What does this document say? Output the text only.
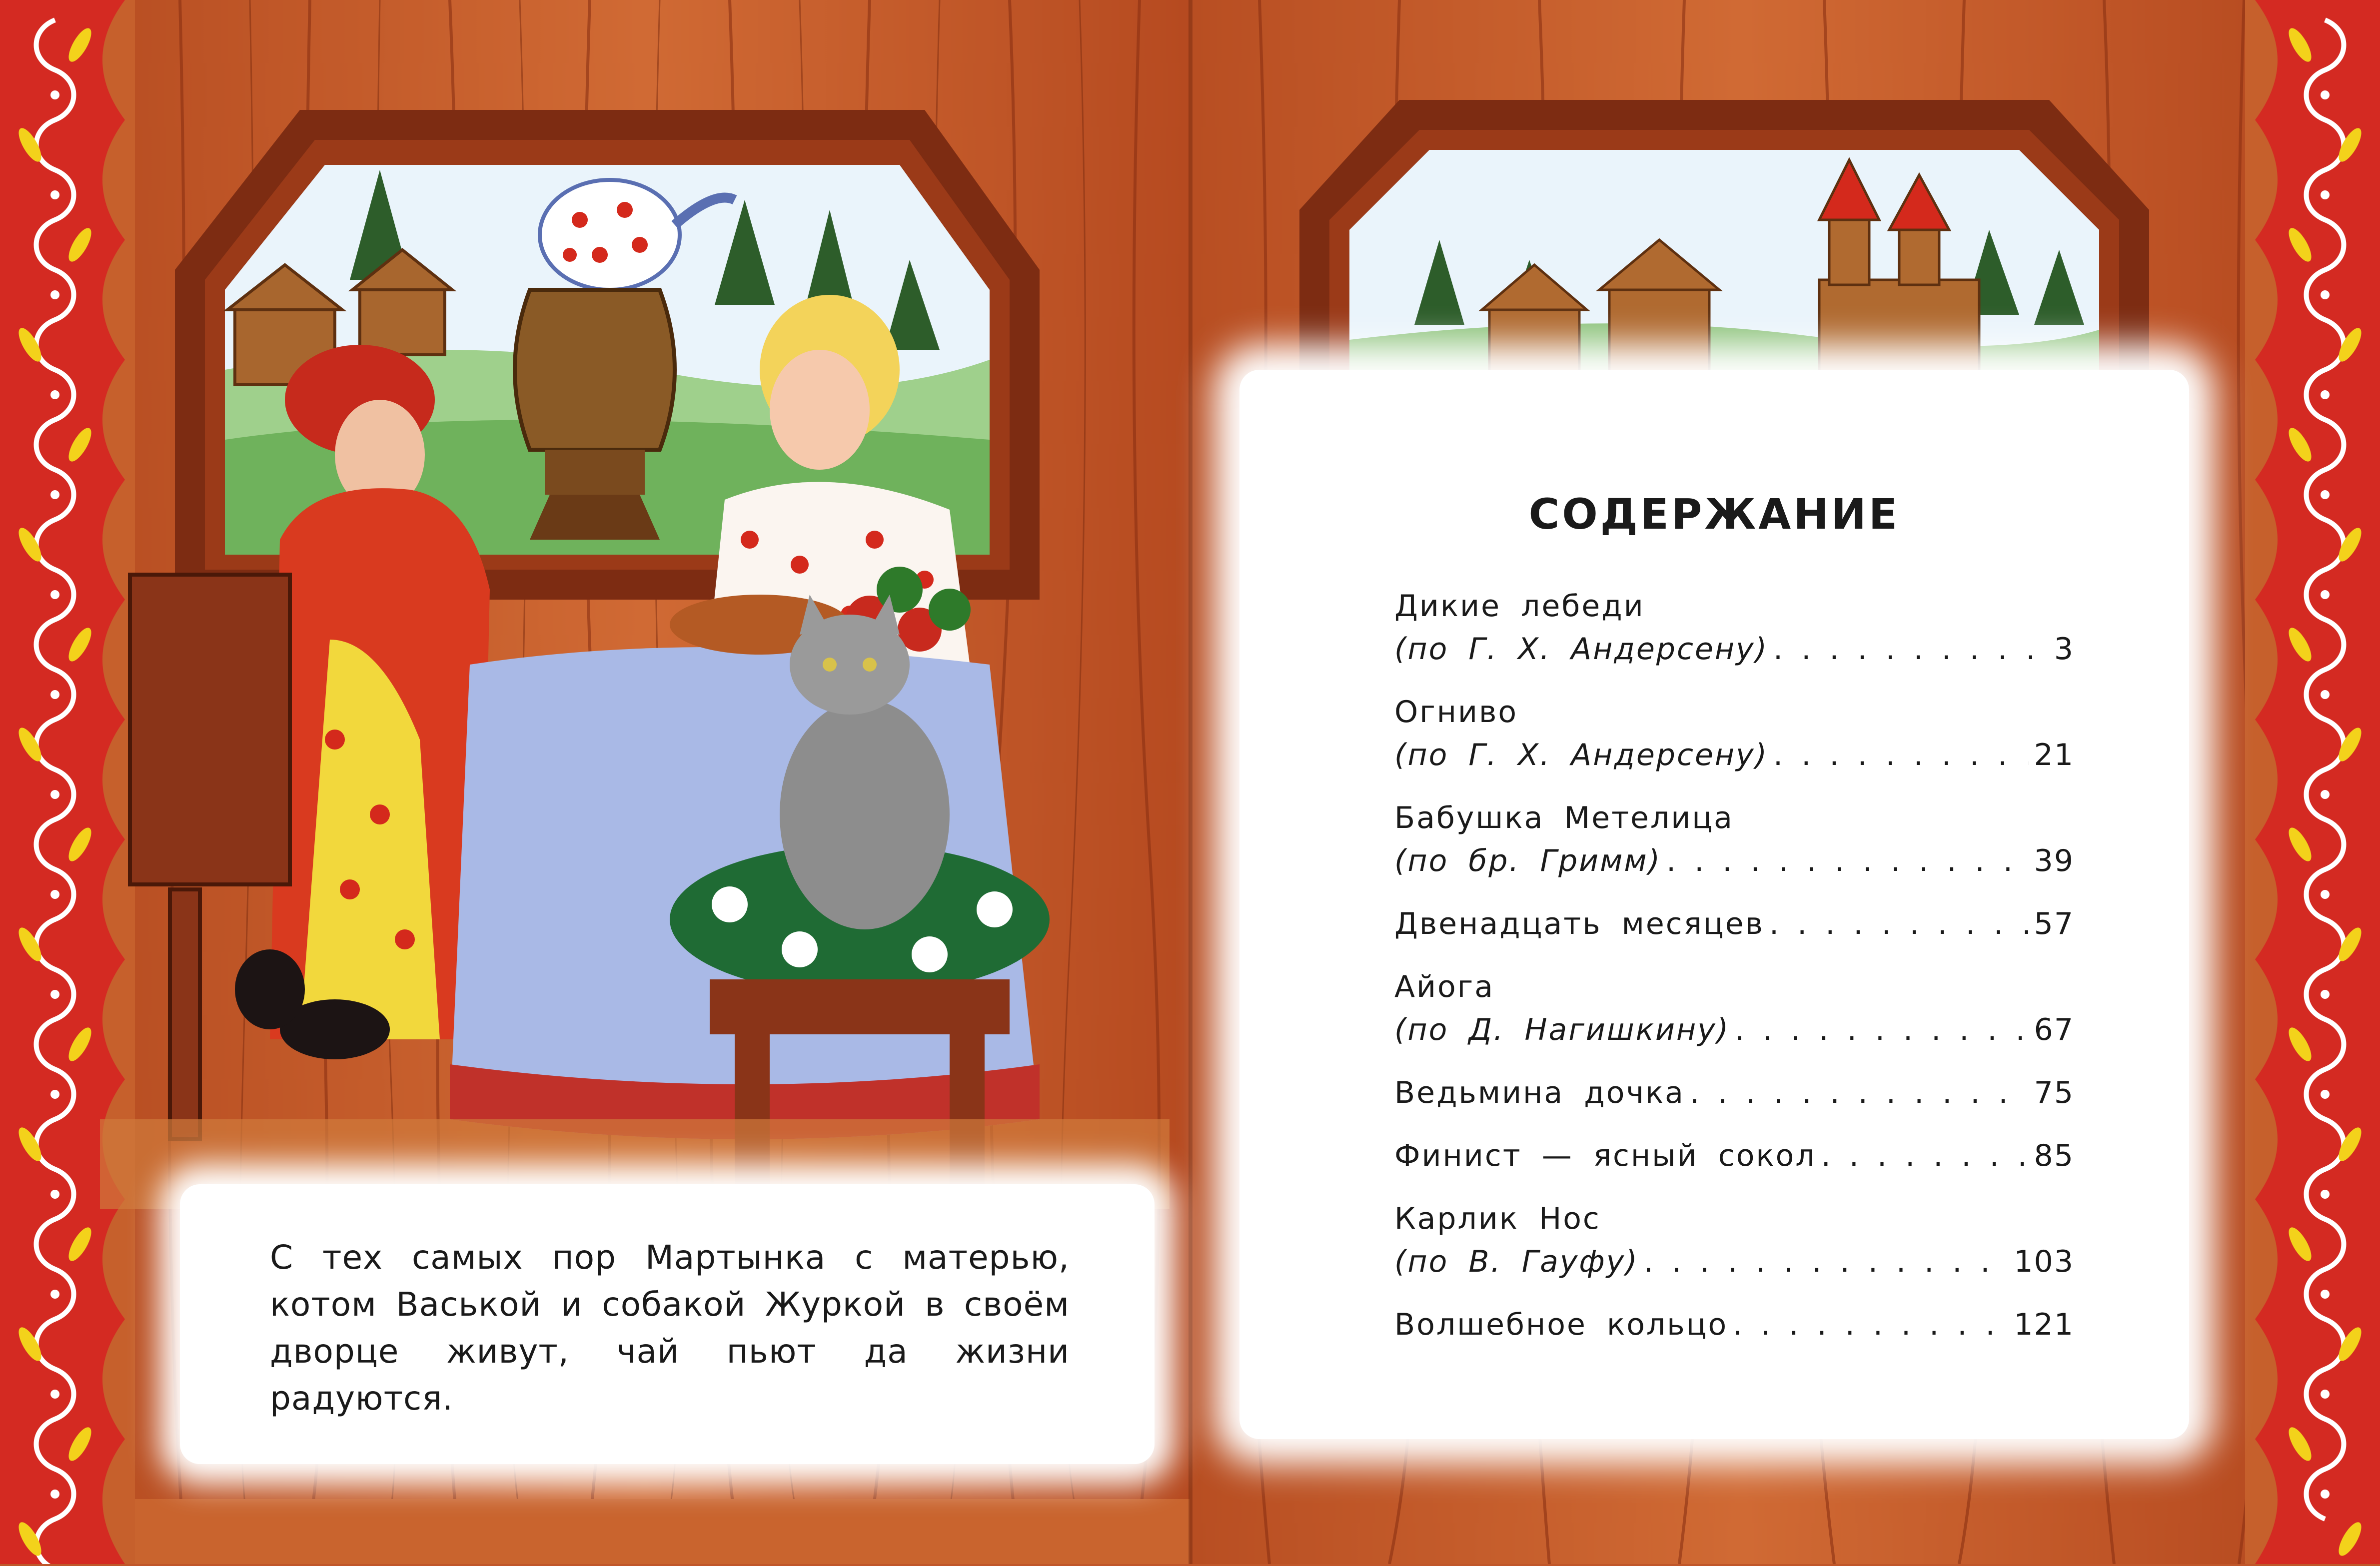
С тех самых пор Мартынка с матерью, котом Васькой и собакой Журкой в своём дворце живут, чай пьют да жизни радуются.

СОДЕРЖАНИЕ
Дикие лебеди
(по Г. Х. Андерсену) . . .	3
Огниво
(по Г. Х. Андерсену) . . .	21
Бабушка Метелица
(по бр. Гримм) . . .	39
Двенадцать месяцев . . .	57
Айога
(по Д. Нагишкину) . . .	67
Ведьмина дочка . . .	75
Финист — ясный сокол . . .	85
Карлик Нос
(по В. Гауфу) . . .	103
Волшебное кольцо . . .	121
